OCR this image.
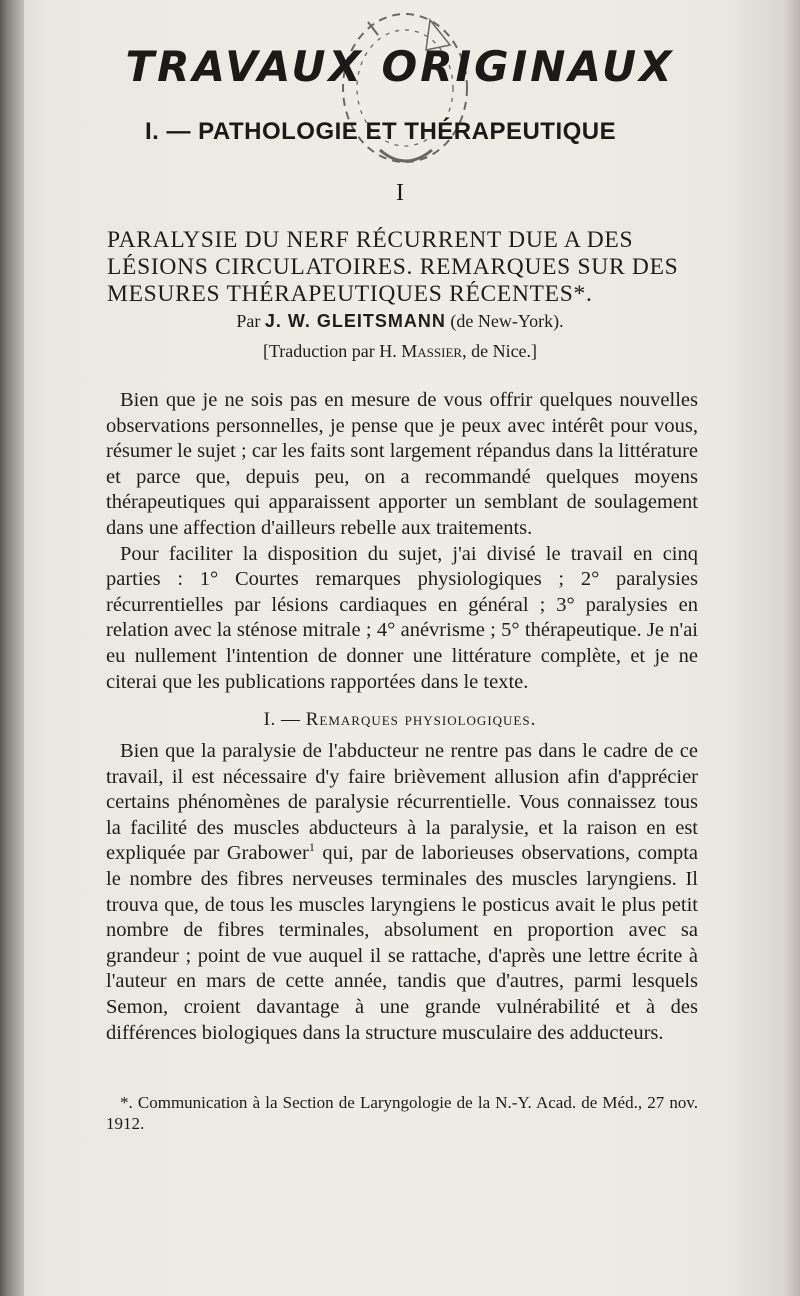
TRAVAUX ORIGINAUX
I. — PATHOLOGIE ET THÉRAPEUTIQUE
I
PARALYSIE DU NERF RÉCURRENT DUE A DES
LÉSIONS CIRCULATOIRES. REMARQUES SUR DES
MESURES THÉRAPEUTIQUES RÉCENTES*.
Par J. W. GLEITSMANN (de New-York).
[Traduction par H. Massier, de Nice.]

Bien que je ne sois pas en mesure de vous offrir quelques nouvelles observations personnelles, je pense que je peux avec intérêt pour vous, résumer le sujet ; car les faits sont largement répandus dans la littérature et parce que, depuis peu, on a recommandé quelques moyens thérapeutiques qui apparaissent apporter un semblant de soulagement dans une affection d'ailleurs rebelle aux traitements.

Pour faciliter la disposition du sujet, j'ai divisé le travail en cinq parties : 1° Courtes remarques physiologiques ; 2° paralysies récurrentielles par lésions cardiaques en général ; 3° paralysies en relation avec la sténose mitrale ; 4° anévrisme ; 5° thérapeutique. Je n'ai eu nullement l'intention de donner une littérature complète, et je ne citerai que les publications rapportées dans le texte.

I. — Remarques physiologiques.

Bien que la paralysie de l'abducteur ne rentre pas dans le cadre de ce travail, il est nécessaire d'y faire brièvement allusion afin d'apprécier certains phénomènes de paralysie récurrentielle. Vous connaissez tous la facilité des muscles abducteurs à la paralysie, et la raison en est expliquée par Grabower$^1$ qui, par de laborieuses observations, compta le nombre des fibres nerveuses terminales des muscles laryngiens. Il trouva que, de tous les muscles laryngiens le posticus avait le plus petit nombre de fibres terminales, absolument en proportion avec sa grandeur ; point de vue auquel il se rattache, d'après une lettre écrite à l'auteur en mars de cette année, tandis que d'autres, parmi lesquels Semon, croient davantage à une grande vulnérabilité et à des différences biologiques dans la structure musculaire des adducteurs.

*. Communication à la Section de Laryngologie de la N.-Y. Acad. de Méd., 27 nov. 1912.
